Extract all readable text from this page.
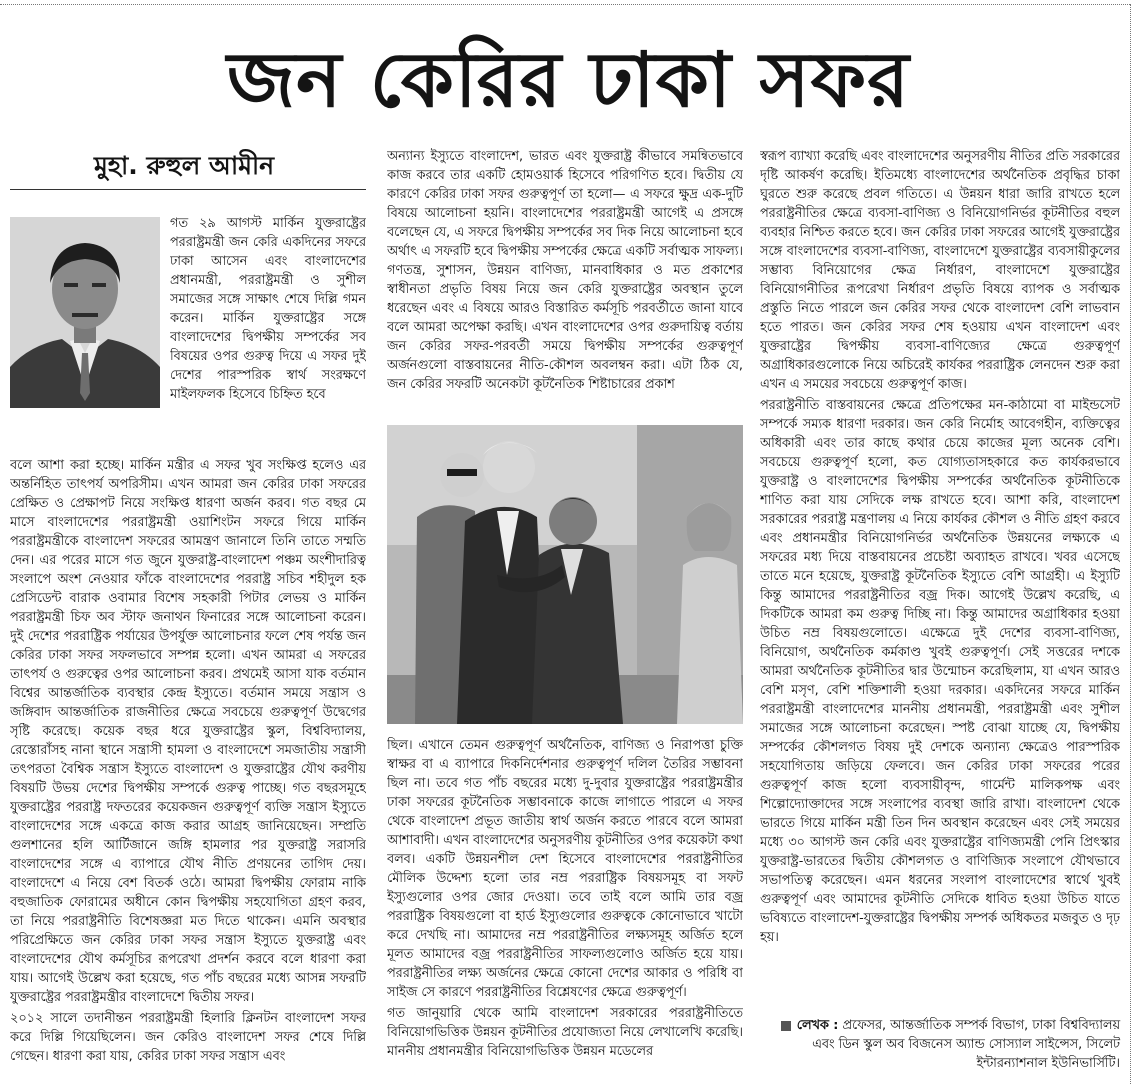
জন কেরির ঢাকা সফর
মুহা. রুহুল আমীন

গত ২৯ আগস্ট মার্কিন যুক্তরাষ্ট্রের পররাষ্ট্রমন্ত্রী জন কেরি একদিনের সফরে ঢাকা আসেন এবং বাংলাদেশের প্রধানমন্ত্রী, পররাষ্ট্রমন্ত্রী ও সুশীল সমাজের সঙ্গে সাক্ষাৎ শেষে দিল্লি গমন করেন। মার্কিন যুক্তরাষ্ট্রের সঙ্গে বাংলাদেশের দ্বিপক্ষীয় সম্পর্কের সব বিষয়ের ওপর গুরুত্ব দিয়ে এ সফর দুই দেশের পারস্পরিক স্বার্থ সংরক্ষণে মাইলফলক হিসেবে চিহ্নিত হবে

বলে আশা করা হচ্ছে। মার্কিন মন্ত্রীর এ সফর খুব সংক্ষিপ্ত হলেও এর অন্তর্নিহিত তাৎপর্য অপরিসীম। এখন আমরা জন কেরির ঢাকা সফরের প্রেক্ষিত ও প্রেক্ষাপট নিয়ে সংক্ষিপ্ত ধারণা অর্জন করব। গত বছর মে মাসে বাংলাদেশের পররাষ্ট্রমন্ত্রী ওয়াশিংটন সফরে গিয়ে মার্কিন পররাষ্ট্রমন্ত্রীকে বাংলাদেশ সফরের আমন্ত্রণ জানালে তিনি তাতে সম্মতি দেন। এর পরের মাসে গত জুনে যুক্তরাষ্ট্র-বাংলাদেশ পঞ্চম অংশীদারিত্ব সংলাপে অংশ নেওয়ার ফাঁকে বাংলাদেশের পররাষ্ট্র সচিব শহীদুল হক প্রেসিডেন্ট বারাক ওবামার বিশেষ সহকারী পিটার লেভয় ও মার্কিন পররাষ্ট্রমন্ত্রী চিফ অব স্টাফ জনাথন ফিনারের সঙ্গে আলোচনা করেন। দুই দেশের পররাষ্ট্রিক পর্যায়ের উপর্যুক্ত আলোচনার ফলে শেষ পর্যন্ত জন কেরির ঢাকা সফর সফলভাবে সম্পন্ন হলো। এখন আমরা এ সফরের তাৎপর্য ও গুরুত্বের ওপর আলোচনা করব। প্রথমেই আসা যাক বর্তমান বিশ্বের আন্তর্জাতিক ব্যবস্থার কেন্দ্র ইস্যুতে। বর্তমান সময়ে সন্ত্রাস ও জঙ্গিবাদ আন্তর্জাতিক রাজনীতির ক্ষেত্রে সবচেয়ে গুরুত্বপূর্ণ উদ্বেগের সৃষ্টি করেছে। কয়েক বছর ধরে যুক্তরাষ্ট্রের স্কুল, বিশ্ববিদ্যালয়, রেস্তোরাঁসহ নানা স্থানে সন্ত্রাসী হামলা ও বাংলাদেশে সমজাতীয় সন্ত্রাসী তৎপরতা বৈশ্বিক সন্ত্রাস ইস্যুতে বাংলাদেশ ও যুক্তরাষ্ট্রের যৌথ করণীয় বিষয়টি উভয় দেশের দ্বিপক্ষীয় সম্পর্কে গুরুত্ব পাচ্ছে। গত বছরসমূহে যুক্তরাষ্ট্রের পররাষ্ট্র দফতরের কয়েকজন গুরুত্বপূর্ণ ব্যক্তি সন্ত্রাস ইস্যুতে বাংলাদেশের সঙ্গে একত্রে কাজ করার আগ্রহ জানিয়েছেন। সম্প্রতি গুলশানের হলি আর্টিজানে জঙ্গি হামলার পর যুক্তরাষ্ট্র সরাসরি বাংলাদেশের সঙ্গে এ ব্যাপারে যৌথ নীতি প্রণয়নের তাগিদ দেয়। বাংলাদেশে এ নিয়ে বেশ বিতর্ক ওঠে। আমরা দ্বিপক্ষীয় ফোরাম নাকি বহুজাতিক ফোরামের অধীনে কোন দ্বিপক্ষীয় সহযোগিতা গ্রহণ করব, তা নিয়ে পররাষ্ট্রনীতি বিশেষজ্ঞরা মত দিতে থাকেন। এমনি অবস্থার পরিপ্রেক্ষিতে জন কেরির ঢাকা সফর সন্ত্রাস ইস্যুতে যুক্তরাষ্ট্র এবং বাংলাদেশের যৌথ কর্মসূচির রূপরেখা প্রদর্শন করবে বলে ধারণা করা যায়। আগেই উল্লেখ করা হয়েছে, গত পাঁচ বছরের মধ্যে আসন্ন সফরটি যুক্তরাষ্ট্রের পররাষ্ট্রমন্ত্রীর বাংলাদেশে দ্বিতীয় সফর।

২০১২ সালে তদানীন্তন পররাষ্ট্রমন্ত্রী হিলারি ক্লিনটন বাংলাদেশ সফর করে দিল্লি গিয়েছিলেন। জন কেরিও বাংলাদেশ সফর শেষে দিল্লি গেছেন। ধারণা করা যায়, কেরির ঢাকা সফর সন্ত্রাস এবং

অন্যান্য ইস্যুতে বাংলাদেশ, ভারত এবং যুক্তরাষ্ট্র কীভাবে সমন্বিতভাবে কাজ করবে তার একটি হোমওয়ার্ক হিসেবে পরিগণিত হবে। দ্বিতীয় যে কারণে কেরির ঢাকা সফর গুরুত্বপূর্ণ তা হলো— এ সফরে ক্ষুদ্র এক-দুটি বিষয়ে আলোচনা হয়নি। বাংলাদেশের পররাষ্ট্রমন্ত্রী আগেই এ প্রসঙ্গে বলেছেন যে, এ সফরে দ্বিপক্ষীয় সম্পর্কের সব দিক নিয়ে আলোচনা হবে অর্থাৎ এ সফরটি হবে দ্বিপক্ষীয় সম্পর্কের ক্ষেত্রে একটি সর্বাত্মক সাফল্য। গণতন্ত্র, সুশাসন, উন্নয়ন বাণিজ্য, মানবাধিকার ও মত প্রকাশের স্বাধীনতা প্রভৃতি বিষয় নিয়ে জন কেরি যুক্তরাষ্ট্রের অবস্থান তুলে ধরেছেন এবং এ বিষয়ে আরও বিস্তারিত কর্মসূচি পরবর্তীতে জানা যাবে বলে আমরা অপেক্ষা করছি। এখন বাংলাদেশের ওপর গুরুদায়িত্ব বর্তায় জন কেরির সফর-পরবর্তী সময়ে দ্বিপক্ষীয় সম্পর্কের গুরুত্বপূর্ণ অর্জনগুলো বাস্তবায়নের নীতি-কৌশল অবলম্বন করা। এটা ঠিক যে, জন কেরির সফরটি অনেকটা কূটনৈতিক শিষ্টাচারের প্রকাশ

ছিল। এখানে তেমন গুরুত্বপূর্ণ অর্থনৈতিক, বাণিজ্য ও নিরাপত্তা চুক্তি স্বাক্ষর বা এ ব্যাপারে দিকনির্দেশনার গুরুত্বপূর্ণ দলিল তৈরির সম্ভাবনা ছিল না। তবে গত পাঁচ বছরের মধ্যে দু-দুবার যুক্তরাষ্ট্রের পররাষ্ট্রমন্ত্রীর ঢাকা সফরের কূটনৈতিক সম্ভাবনাকে কাজে লাগাতে পারলে এ সফর থেকে বাংলাদেশ প্রভূত জাতীয় স্বার্থ অর্জন করতে পারবে বলে আমরা আশাবাদী। এখন বাংলাদেশের অনুসরণীয় কূটনীতির ওপর কয়েকটা কথা বলব। একটি উন্নয়নশীল দেশ হিসেবে বাংলাদেশের পররাষ্ট্রনীতির মৌলিক উদ্দেশ্য হলো তার নম্র পররাষ্ট্রিক বিষয়সমূহ বা সফট ইস্যুগুলোর ওপর জোর দেওয়া। তবে তাই বলে আমি তার বজ্র পররাষ্ট্রিক বিষয়গুলো বা হার্ড ইস্যুগুলোর গুরুত্বকে কোনোভাবে খাটো করে দেখছি না। আমাদের নম্র পররাষ্ট্রনীতির লক্ষ্যসমূহ অর্জিত হলে মূলত আমাদের বজ্র পররাষ্ট্রনীতির সাফল্যগুলোও অর্জিত হয়ে যায়। পররাষ্ট্রনীতির লক্ষ্য অর্জনের ক্ষেত্রে কোনো দেশের আকার ও পরিধি বা সাইজ সে কারণে পররাষ্ট্রনীতির বিশ্লেষণের ক্ষেত্রে গুরুত্বপূর্ণ।

গত জানুয়ারি থেকে আমি বাংলাদেশ সরকারের পররাষ্ট্রনীতিতে বিনিয়োগভিত্তিক উন্নয়ন কূটনীতির প্রযোজ্যতা নিয়ে লেখালেখি করেছি। মাননীয় প্রধানমন্ত্রীর বিনিয়োগভিত্তিক উন্নয়ন মডেলের

স্বরূপ ব্যাখ্যা করেছি এবং বাংলাদেশের অনুসরণীয় নীতির প্রতি সরকারের দৃষ্টি আকর্ষণ করেছি। ইতিমধ্যে বাংলাদেশের অর্থনৈতিক প্রবৃদ্ধির চাকা ঘুরতে শুরু করেছে প্রবল গতিতে। এ উন্নয়ন ধারা জারি রাখতে হলে পররাষ্ট্রনীতির ক্ষেত্রে ব্যবসা-বাণিজ্য ও বিনিয়োগনির্ভর কূটনীতির বহুল ব্যবহার নিশ্চিত করতে হবে। জন কেরির ঢাকা সফরের আগেই যুক্তরাষ্ট্রের সঙ্গে বাংলাদেশের ব্যবসা-বাণিজ্য, বাংলাদেশে যুক্তরাষ্ট্রের ব্যবসায়ীকুলের সম্ভাব্য বিনিয়োগের ক্ষেত্র নির্ধারণ, বাংলাদেশে যুক্তরাষ্ট্রের বিনিয়োগনীতির রূপরেখা নির্ধারণ প্রভৃতি বিষয়ে ব্যাপক ও সর্বাত্মক প্রস্তুতি নিতে পারলে জন কেরির সফর থেকে বাংলাদেশ বেশি লাভবান হতে পারত। জন কেরির সফর শেষ হওয়ায় এখন বাংলাদেশ এবং যুক্তরাষ্ট্রের দ্বিপক্ষীয় ব্যবসা-বাণিজ্যের ক্ষেত্রে গুরুত্বপূর্ণ অগ্রাধিকারগুলোকে নিয়ে অচিরেই কার্যকর পররাষ্ট্রিক লেনদেন শুরু করা এখন এ সময়ের সবচেয়ে গুরুত্বপূর্ণ কাজ।

পররাষ্ট্রনীতি বাস্তবায়নের ক্ষেত্রে প্রতিপক্ষের মন-কাঠামো বা মাইন্ডসেট সম্পর্কে সম্যক ধারণা দরকার। জন কেরি নির্মোহ আবেগহীন, ব্যক্তিত্বের অধিকারী এবং তার কাছে কথার চেয়ে কাজের মূল্য অনেক বেশি। সবচেয়ে গুরুত্বপূর্ণ হলো, কত যোগ্যতাসহকারে কত কার্যকরভাবে যুক্তরাষ্ট্র ও বাংলাদেশের দ্বিপক্ষীয় সম্পর্কের অর্থনৈতিক কূটনীতিকে শাণিত করা যায় সেদিকে লক্ষ রাখতে হবে। আশা করি, বাংলাদেশ সরকারের পররাষ্ট্র মন্ত্রণালয় এ নিয়ে কার্যকর কৌশল ও নীতি গ্রহণ করবে এবং প্রধানমন্ত্রীর বিনিয়োগনির্ভর অর্থনৈতিক উন্নয়নের লক্ষ্যকে এ সফরের মধ্য দিয়ে বাস্তবায়নের প্রচেষ্টা অব্যাহত রাখবে। খবর এসেছে তাতে মনে হয়েছে, যুক্তরাষ্ট্র কূটনৈতিক ইস্যুতে বেশি আগ্রহী। এ ইস্যুটি কিন্তু আমাদের পররাষ্ট্রনীতির বজ্র দিক। আগেই উল্লেখ করেছি, এ দিকটিকে আমরা কম গুরুত্ব দিচ্ছি না। কিন্তু আমাদের অগ্রাধিকার হওয়া উচিত নম্র বিষয়গুলোতে। এক্ষেত্রে দুই দেশের ব্যবসা-বাণিজ্য, বিনিয়োগ, অর্থনৈতিক কর্মকাণ্ড খুবই গুরুত্বপূর্ণ। সেই সত্তরের দশকে আমরা অর্থনৈতিক কূটনীতির দ্বার উন্মোচন করেছিলাম, যা এখন আরও বেশি মসৃণ, বেশি শক্তিশালী হওয়া দরকার। একদিনের সফরে মার্কিন পররাষ্ট্রমন্ত্রী বাংলাদেশের মাননীয় প্রধানমন্ত্রী, পররাষ্ট্রমন্ত্রী এবং সুশীল সমাজের সঙ্গে আলোচনা করেছেন। স্পষ্ট বোঝা যাচ্ছে যে, দ্বিপক্ষীয় সম্পর্কের কৌশলগত বিষয় দুই দেশকে অন্যান্য ক্ষেত্রেও পারস্পরিক সহযোগিতায় জড়িয়ে ফেলবে। জন কেরির ঢাকা সফরের পরের গুরুত্বপূর্ণ কাজ হলো ব্যবসায়ীবৃন্দ, গার্মেন্ট মালিকপক্ষ এবং শিল্পোদ্যোক্তাদের সঙ্গে সংলাপের ব্যবস্থা জারি রাখা। বাংলাদেশ থেকে ভারতে গিয়ে মার্কিন মন্ত্রী তিন দিন অবস্থান করেছেন এবং সেই সময়ের মধ্যে ৩০ আগস্ট জন কেরি এবং যুক্তরাষ্ট্রের বাণিজ্যমন্ত্রী পেনি প্রিৎস্কার যুক্তরাষ্ট্র-ভারতের দ্বিতীয় কৌশলগত ও বাণিজ্যিক সংলাপে যৌথভাবে সভাপতিত্ব করেছেন। এমন ধরনের সংলাপ বাংলাদেশের স্বার্থে খুবই গুরুত্বপূর্ণ এবং আমাদের কূটনীতি সেদিকে ধাবিত হওয়া উচিত যাতে ভবিষ্যতে বাংলাদেশ-যুক্তরাষ্ট্রের দ্বিপক্ষীয় সম্পর্ক অধিকতর মজবুত ও দৃঢ় হয়।

লেখক : প্রফেসর, আন্তর্জাতিক সম্পর্ক বিভাগ, ঢাকা বিশ্ববিদ্যালয় এবং ডিন স্কুল অব বিজনেস অ্যান্ড সোস্যাল সাইন্সেস, সিলেট ইন্টারন্যাশনাল ইউনিভার্সিটি।
